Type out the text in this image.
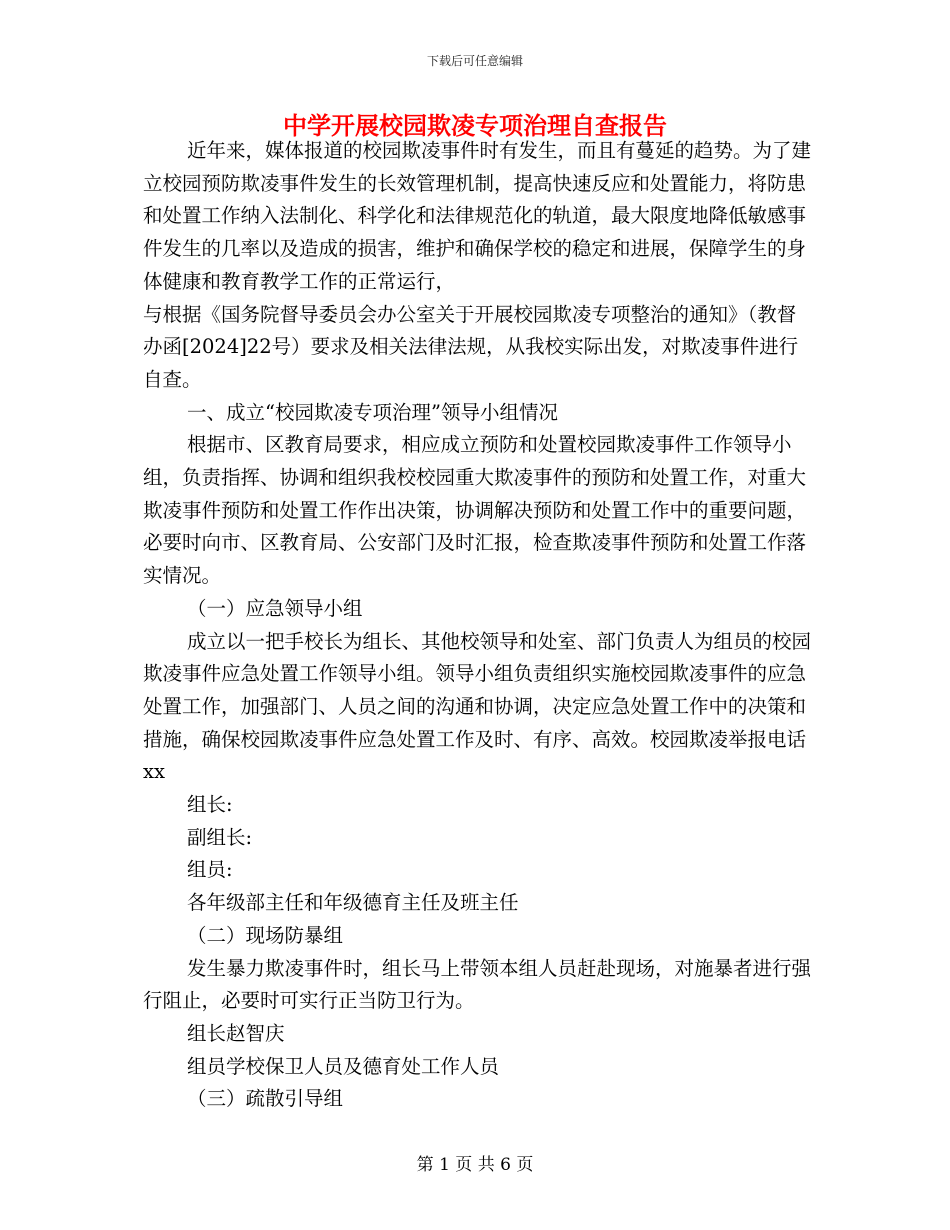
下载后可任意编辑
中学开展校园欺凌专项治理自查报告

近年来，媒体报道的校园欺凌事件时有发生，而且有蔓延的趋势。为了建立校园预防欺凌事件发生的长效管理机制，提高快速反应和处置能力，将防患和处置工作纳入法制化、科学化和法律规范化的轨道，最大限度地降低敏感事件发生的几率以及造成的损害，维护和确保学校的稳定和进展，保障学生的身体健康和教育教学工作的正常运行，

与根据《国务院督导委员会办公室关于开展校园欺凌专项整治的通知》（教督办函[2024]22号）要求及相关法律法规，从我校实际出发，对欺凌事件进行自查。

一、成立“校园欺凌专项治理”领导小组情况

根据市、区教育局要求，相应成立预防和处置校园欺凌事件工作领导小组，负责指挥、协调和组织我校校园重大欺凌事件的预防和处置工作，对重大欺凌事件预防和处置工作作出决策，协调解决预防和处置工作中的重要问题，必要时向市、区教育局、公安部门及时汇报，检查欺凌事件预防和处置工作落实情况。

（一）应急领导小组

成立以一把手校长为组长、其他校领导和处室、部门负责人为组员的校园欺凌事件应急处置工作领导小组。领导小组负责组织实施校园欺凌事件的应急处置工作，加强部门、人员之间的沟通和协调，决定应急处置工作中的决策和措施，确保校园欺凌事件应急处置工作及时、有序、高效。校园欺凌举报电话xx

组长:

副组长:

组员:

各年级部主任和年级德育主任及班主任

（二）现场防暴组

发生暴力欺凌事件时，组长马上带领本组人员赶赴现场，对施暴者进行强行阻止，必要时可实行正当防卫行为。

组长赵智庆

组员学校保卫人员及德育处工作人员

（三）疏散引导组

第 1 页 共 6 页
